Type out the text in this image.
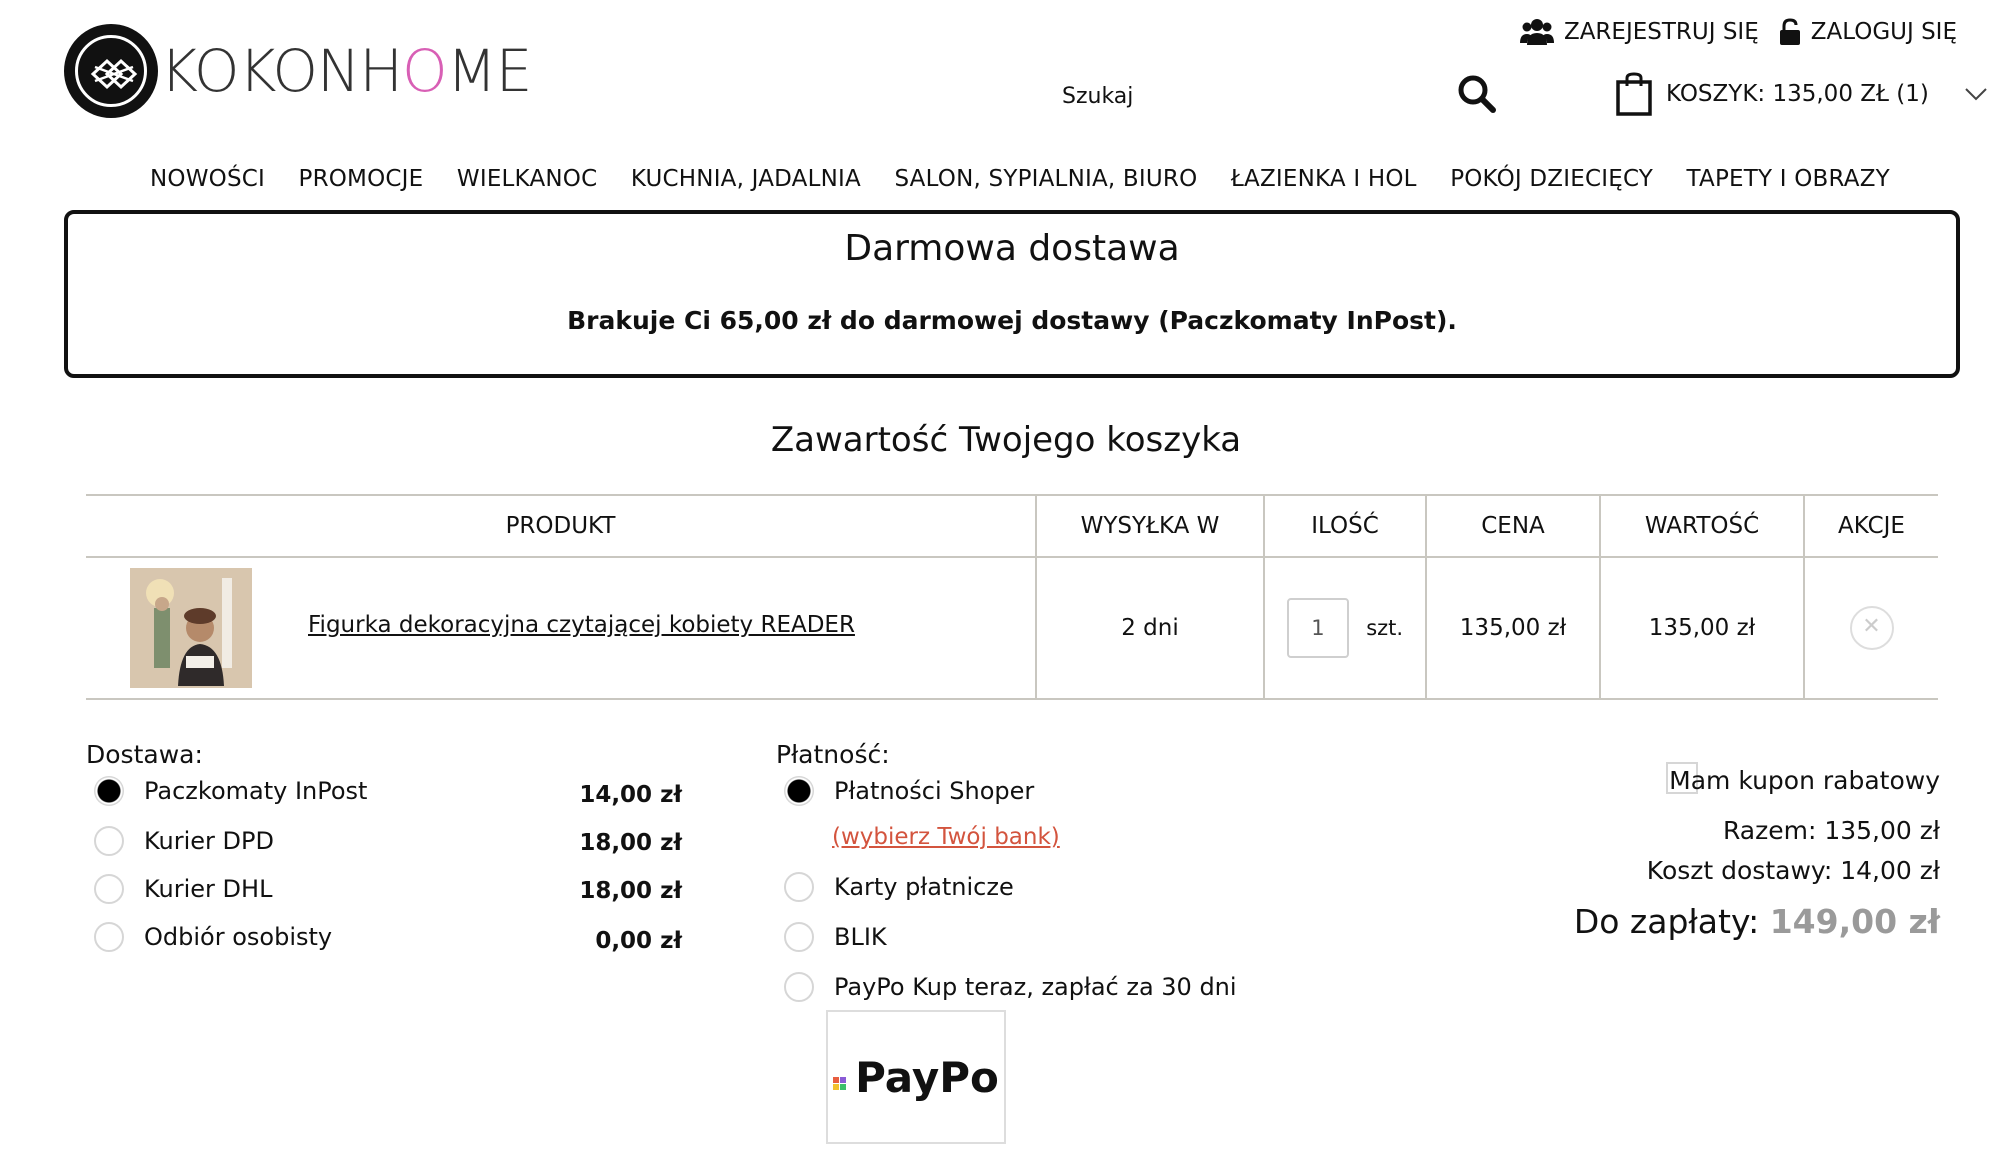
KOKONHOME
ZAREJESTRUJ SIĘ ZALOGUJ SIĘ
Szukaj
KOSZYK: 135,00 ZŁ (1)
NOWOŚCI PROMOCJE WIELKANOC KUCHNIA, JADALNIA SALON, SYPIALNIA, BIURO ŁAZIENKA I HOL POKÓJ DZIECIĘCY TAPETY I OBRAZY
Darmowa dostawa
Brakuje Ci 65,00 zł do darmowej dostawy (Paczkomaty InPost).
Zawartość Twojego koszyka
PRODUKT	WYSYŁKA W	ILOŚĆ	CENA	WARTOŚĆ	AKCJE

Figurka dekoracyjna czytającej kobiety READER	2 dni	1 szt.	135,00 zł	135,00 zł	✕
Dostawa:
Paczkomaty InPost	14,00 zł
Kurier DPD	18,00 zł
Kurier DHL	18,00 zł
Odbiór osobisty	0,00 zł
Płatność:
Płatności Shoper
(wybierz Twój bank)
Karty płatnicze
BLIK
PayPo Kup teraz, zapłać za 30 dni
PayPo
Mam kupon rabatowy
Razem: 135,00 zł
Koszt dostawy: 14,00 zł
Do zapłaty: 149,00 zł
